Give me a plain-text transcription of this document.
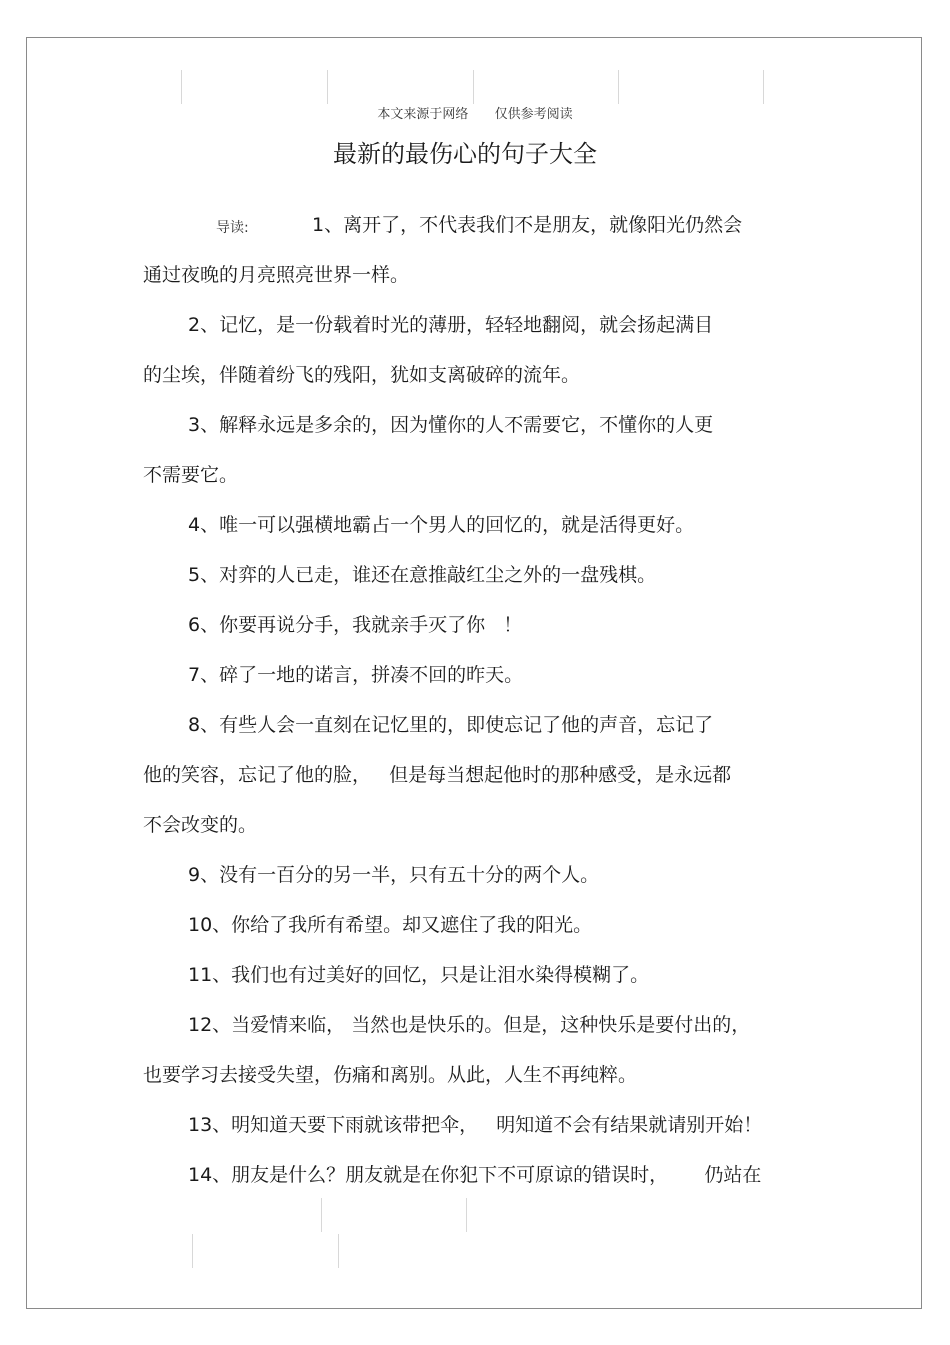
本文来源于网络 仅供参考阅读
最新的最伤心的句子大全
导读:	1、离开了，不代表我们不是朋友，就像阳光仍然会
通过夜晚的月亮照亮世界一样。
2、记忆，是一份载着时光的薄册，轻轻地翻阅，就会扬起满目
的尘埃，伴随着纷飞的残阳，犹如支离破碎的流年。
3、解释永远是多余的，因为懂你的人不需要它，不懂你的人更
不需要它。
4、唯一可以强横地霸占一个男人的回忆的，就是活得更好。
5、对弈的人已走，谁还在意推敲红尘之外的一盘残棋。
6、你要再说分手，我就亲手灭了你   ！
7、碎了一地的诺言，拼凑不回的昨天。
8、有些人会一直刻在记忆里的，即使忘记了他的声音，忘记了
他的笑容，忘记了他的脸，   但是每当想起他时的那种感受，是永远都
不会改变的。
9、没有一百分的另一半，只有五十分的两个人。
10、你给了我所有希望。却又遮住了我的阳光。
11、我们也有过美好的回忆，只是让泪水染得模糊了。
12、当爱情来临， 当然也是快乐的。但是，这种快乐是要付出的，
也要学习去接受失望，伤痛和离别。从此，人生不再纯粹。
13、明知道天要下雨就该带把伞，   明知道不会有结果就请别开始！
14、朋友是什么？朋友就是在你犯下不可原谅的错误时，      仍站在
